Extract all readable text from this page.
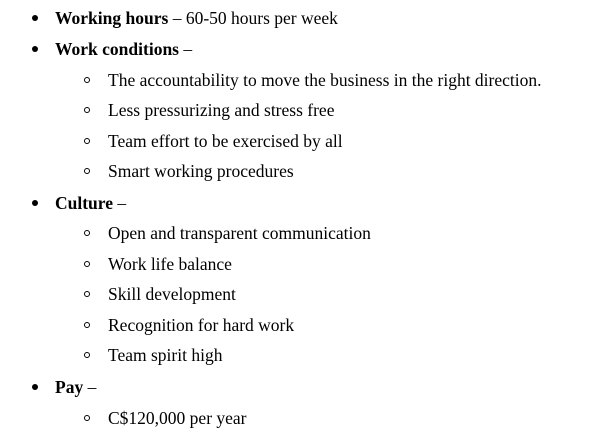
Working hours – 60-50 hours per week
Work conditions –
The accountability to move the business in the right direction.
Less pressurizing and stress free
Team effort to be exercised by all
Smart working procedures
Culture –
Open and transparent communication
Work life balance
Skill development
Recognition for hard work
Team spirit high
Pay –
C$120,000 per year
